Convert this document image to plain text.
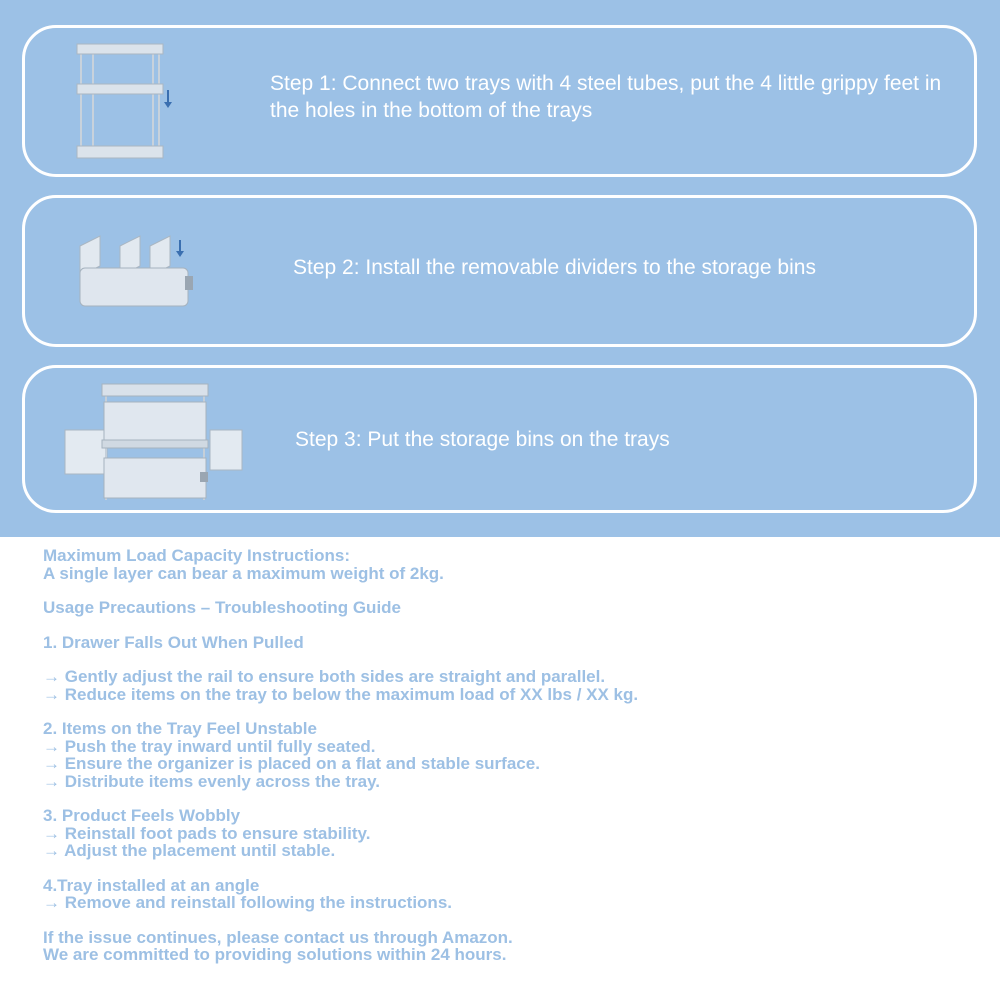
Step 1: Connect two trays with 4 steel tubes, put the 4 little grippy feet in the holes in the bottom of the trays
Step 2: Install the removable dividers to the storage bins
Step 3: Put the storage bins on the trays

Maximum Load Capacity Instructions:

A single layer can bear a maximum weight of 2kg.

Usage Precautions – Troubleshooting Guide

1. Drawer Falls Out When Pulled

→ Gently adjust the rail to ensure both sides are straight and parallel.

→ Reduce items on the tray to below the maximum load of XX lbs / XX kg.

2. Items on the Tray Feel Unstable

→ Push the tray inward until fully seated.

→ Ensure the organizer is placed on a flat and stable surface.

→ Distribute items evenly across the tray.

3. Product Feels Wobbly

→ Reinstall foot pads to ensure stability.

→ Adjust the placement until stable.

4.Tray installed at an angle

→ Remove and reinstall following the instructions.

If the issue continues, please contact us through Amazon.

We are committed to providing solutions within 24 hours.
